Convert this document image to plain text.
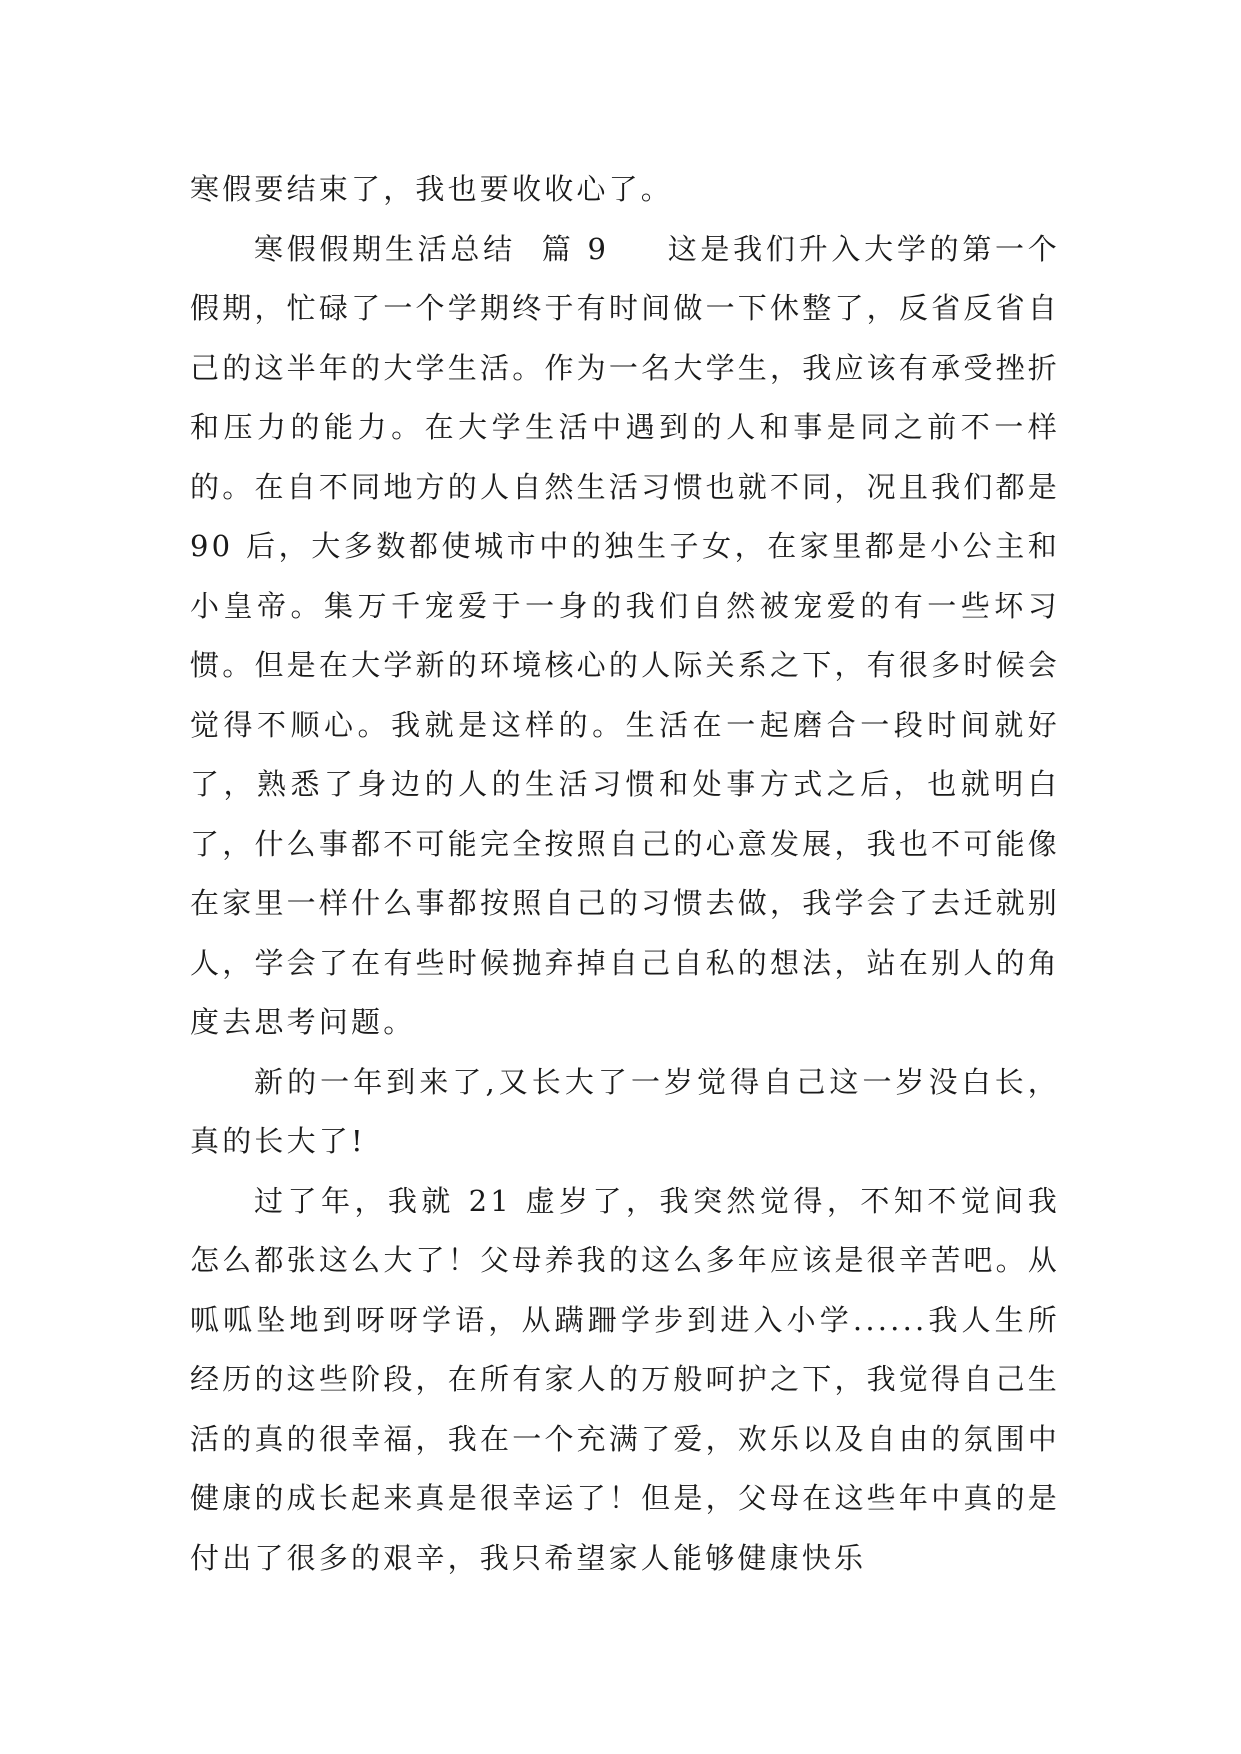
寒假要结束了，我也要收收心了。

寒假假期生活总结  篇 9 这是我们升入大学的第一个假期，忙碌了一个学期终于有时间做一下休整了，反省反省自己的这半年的大学生活。作为一名大学生，我应该有承受挫折和压力的能力。在大学生活中遇到的人和事是同之前不一样的。在自不同地方的人自然生活习惯也就不同，况且我们都是 90 后，大多数都使城市中的独生子女，在家里都是小公主和小皇帝。集万千宠爱于一身的我们自然被宠爱的有一些坏习惯。但是在大学新的环境核心的人际关系之下，有很多时候会觉得不顺心。我就是这样的。生活在一起磨合一段时间就好了，熟悉了身边的人的生活习惯和处事方式之后，也就明白了，什么事都不可能完全按照自己的心意发展，我也不可能像在家里一样什么事都按照自己的习惯去做，我学会了去迁就别人，学会了在有些时候抛弃掉自己自私的想法，站在别人的角度去思考问题。

新的一年到来了,又长大了一岁觉得自己这一岁没白长，真的长大了!

过了年，我就 21 虚岁了，我突然觉得，不知不觉间我怎么都张这么大了！父母养我的这么多年应该是很辛苦吧。从呱呱坠地到呀呀学语，从蹒跚学步到进入小学......我人生所经历的这些阶段，在所有家人的万般呵护之下，我觉得自己生活的真的很幸福，我在一个充满了爱，欢乐以及自由的氛围中健康的成长起来真是很幸运了！但是，父母在这些年中真的是付出了很多的艰辛，我只希望家人能够健康快乐
